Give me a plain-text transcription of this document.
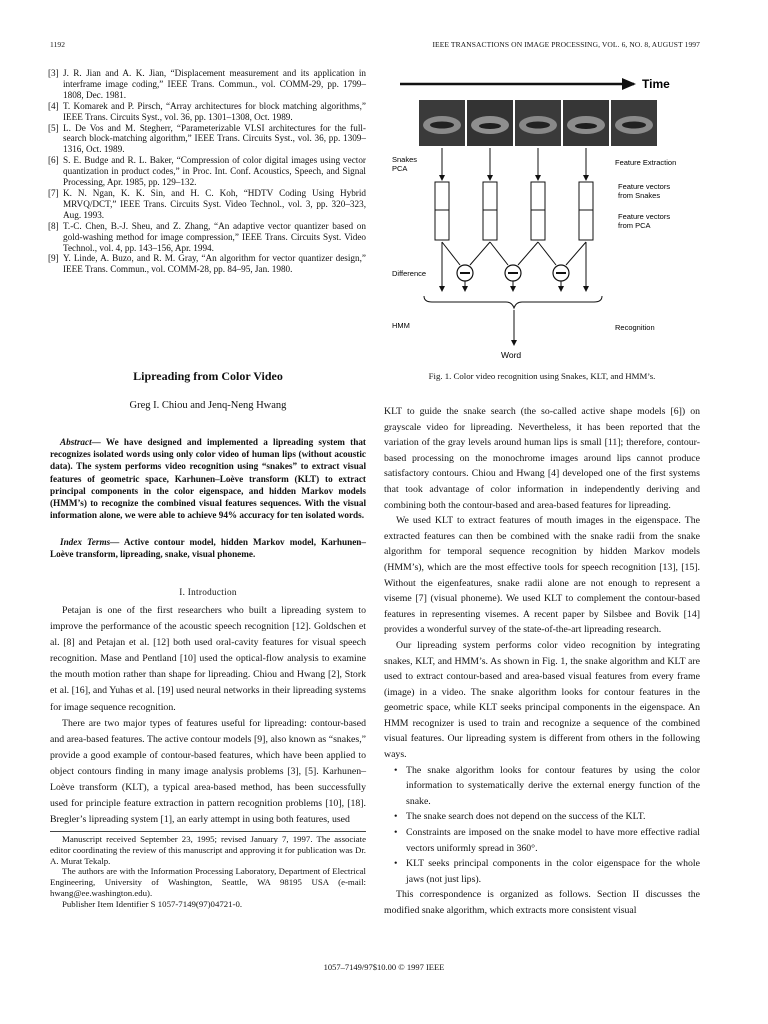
1192	IEEE TRANSACTIONS ON IMAGE PROCESSING, VOL. 6, NO. 8, AUGUST 1997

[3] J. R. Jian and A. K. Jian, “Displacement measurement and its application in interframe image coding,” IEEE Trans. Commun., vol. COMM-29, pp. 1799–1808, Dec. 1981.

[4] T. Komarek and P. Pirsch, “Array architectures for block matching algorithms,” IEEE Trans. Circuits Syst., vol. 36, pp. 1301–1308, Oct. 1989.

[5] L. De Vos and M. Stegherr, “Parameterizable VLSI architectures for the full-search block-matching algorithm,” IEEE Trans. Circuits Syst., vol. 36, pp. 1309–1316, Oct. 1989.

[6] S. E. Budge and R. L. Baker, “Compression of color digital images using vector quantization in product codes,” in Proc. Int. Conf. Acoustics, Speech, and Signal Processing, Apr. 1985, pp. 129–132.

[7] K. N. Ngan, K. K. Sin, and H. C. Koh, “HDTV Coding Using Hybrid MRVQ/DCT,” IEEE Trans. Circuits Syst. Video Technol., vol. 3, pp. 320–323, Aug. 1993.

[8] T.-C. Chen, B.-J. Sheu, and Z. Zhang, “An adaptive vector quantizer based on gold-washing method for image compression,” IEEE Trans. Circuits Syst. Video Technol., vol. 4, pp. 143–156, Apr. 1994.

[9] Y. Linde, A. Buzo, and R. M. Gray, “An algorithm for vector quantizer design,” IEEE Trans. Commun., vol. COMM-28, pp. 84–95, Jan. 1980.

Lipreading from Color Video
Greg I. Chiou and Jenq-Neng Hwang
Abstract— We have designed and implemented a lipreading system that recognizes isolated words using only color video of human lips (without acoustic data). The system performs video recognition using “snakes” to extract visual features of geometric space, Karhunen–Loève transform (KLT) to extract principal components in the color eigenspace, and hidden Markov models (HMM’s) to recognize the combined visual features sequences. With the visual information alone, we were able to achieve 94% accuracy for ten isolated words.
Index Terms— Active contour model, hidden Markov model, Karhunen–Loève transform, lipreading, snake, visual phoneme.
I. Introduction

Petajan is one of the first researchers who built a lipreading system to improve the performance of the acoustic speech recognition [12]. Goldschen et al. [8] and Petajan et al. [12] both used oral-cavity features for visual speech recognition. Mase and Pentland [10] used the optical-flow analysis to examine the mouth motion rather than shape for lipreading. Chiou and Hwang [2], Stork et al. [16], and Yuhas et al. [19] used neural networks in their lipreading systems for image sequence recognition.

There are two major types of features useful for lipreading: contour-based and area-based features. The active contour models [9], also known as “snakes,” provide a good example of contour-based features, which have been applied to object contours finding in many image analysis problems [3], [5]. Karhunen–Loève transform (KLT), a typical area-based method, has been successfully used for principle feature extraction in pattern recognition problems [10], [18]. Bregler’s lipreading system [1], an early attempt in using both features, used

Manuscript received September 23, 1995; revised January 7, 1997. The associate editor coordinating the review of this manuscript and approving it for publication was Dr. A. Murat Tekalp.

The authors are with the Information Processing Laboratory, Department of Electrical Engineering, University of Washington, Seattle, WA 98195 USA (e-mail: hwang@ee.washington.edu).

Publisher Item Identifier S 1057-7149(97)04721-0.

Time
Snakes
PCA
Feature Extraction
Feature vectors
from Snakes
Feature vectors
from PCA
Difference
HMM	Recognition
Word
Fig. 1. Color video recognition using Snakes, KLT, and HMM’s.

KLT to guide the snake search (the so-called active shape models [6]) on grayscale video for lipreading. Nevertheless, it has been reported that the variation of the gray levels around human lips is small [11]; therefore, contour-based processing on the monochrome images around lips cannot produce satisfactory contours. Chiou and Hwang [4] developed one of the first systems that took advantage of color information in independently deriving and combining both the contour-based and area-based features for lipreading.

We used KLT to extract features of mouth images in the eigenspace. The extracted features can then be combined with the snake radii from the snake algorithm for temporal sequence recognition by hidden Markov models (HMM’s), which are the most effective tools for speech recognition [13], [15]. Without the eigenfeatures, snake radii alone are not enough to represent a viseme [7] (visual phoneme). We used KLT to complement the contour-based features in representing visemes. A recent paper by Silsbee and Bovik [14] provides a wonderful survey of the state-of-the-art lipreading research.

Our lipreading system performs color video recognition by integrating snakes, KLT, and HMM’s. As shown in Fig. 1, the snake algorithm and KLT are used to extract contour-based and area-based visual features from every frame (image) in a video. The snake algorithm looks for contour features in the geometric space, while KLT seeks principal components in the eigenspace. An HMM recognizer is used to train and recognize a sequence of the combined visual features. Our lipreading system is different from others in the following ways.

• The snake algorithm looks for contour features by using the color information to systematically derive the external energy function of the snake.
• The snake search does not depend on the success of the KLT.
• Constraints are imposed on the snake model to have more effective radial vectors uniformly spread in 360°.
• KLT seeks principal components in the color eigenspace for the whole jaws (not just lips).

This correspondence is organized as follows. Section II discusses the modified snake algorithm, which extracts more consistent visual

1057–7149/97$10.00 © 1997 IEEE
